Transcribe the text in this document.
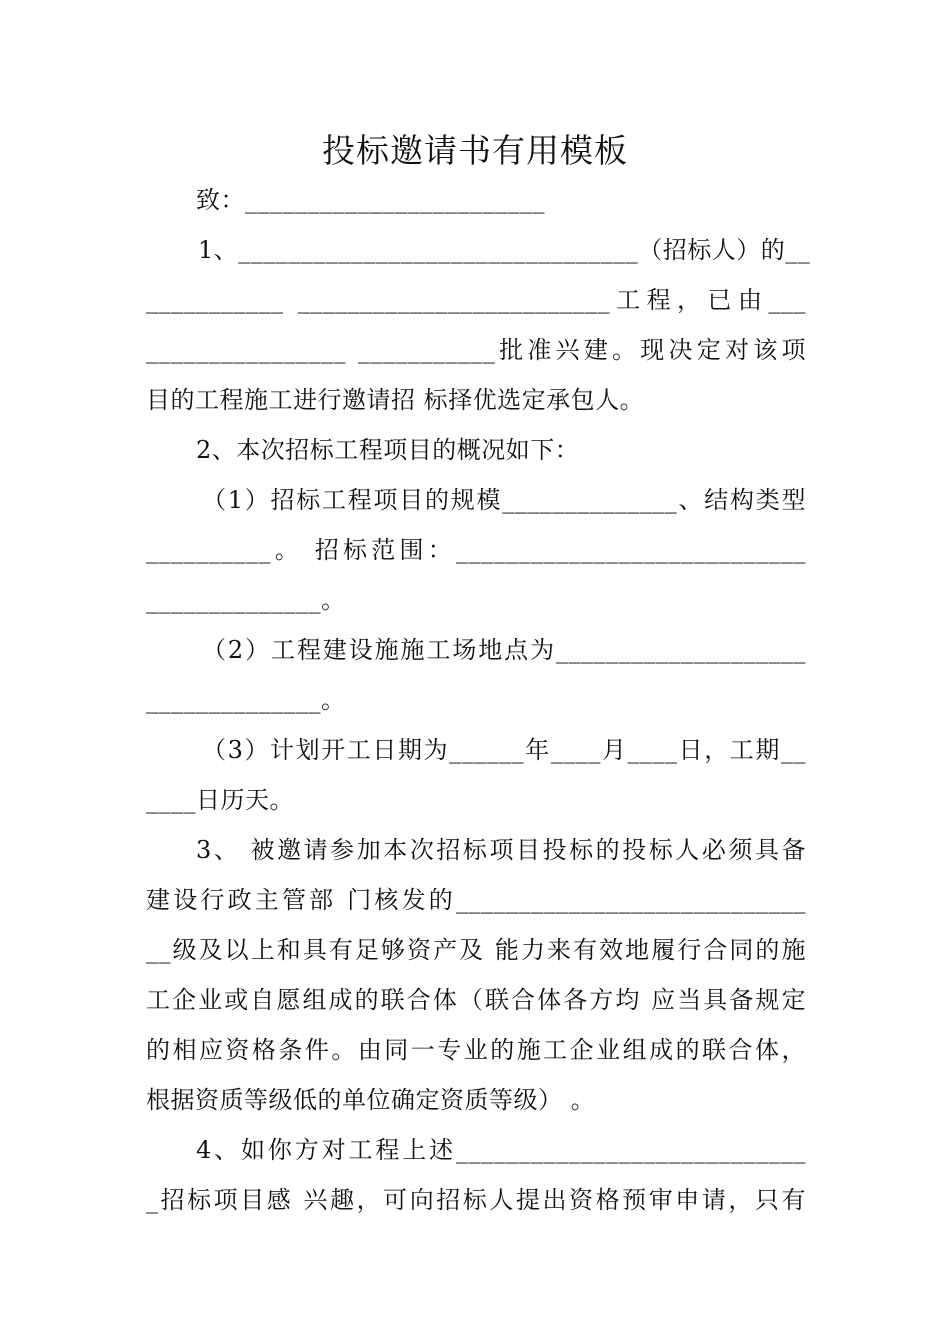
投标邀请书有用模板
致：________________________
1、________________________________（招标人）的__
___________ _________________________工程，已由___
________________ ___________批准兴建。现决定对该项
目的工程施工进行邀请招 标择优选定承包人。
2、本次招标工程项目的概况如下：
（1）招标工程项目的规模______________、结构类型
__________。 招标范围：____________________________
______________。
（2）工程建设施施工场地点为____________________
______________。
（3）计划开工日期为______年____月____日，工期__
____日历天。
3、 被邀请参加本次招标项目投标的投标人必须具备
建设行政主管部 门核发的____________________________
__级及以上和具有足够资产及 能力来有效地履行合同的施
工企业或自愿组成的联合体（联合体各方均 应当具备规定
的相应资格条件。由同一专业的施工企业组成的联合体，
根据资质等级低的单位确定资质等级） 。
4、如你方对工程上述____________________________
_招标项目感 兴趣，可向招标人提出资格预审申请，只有
